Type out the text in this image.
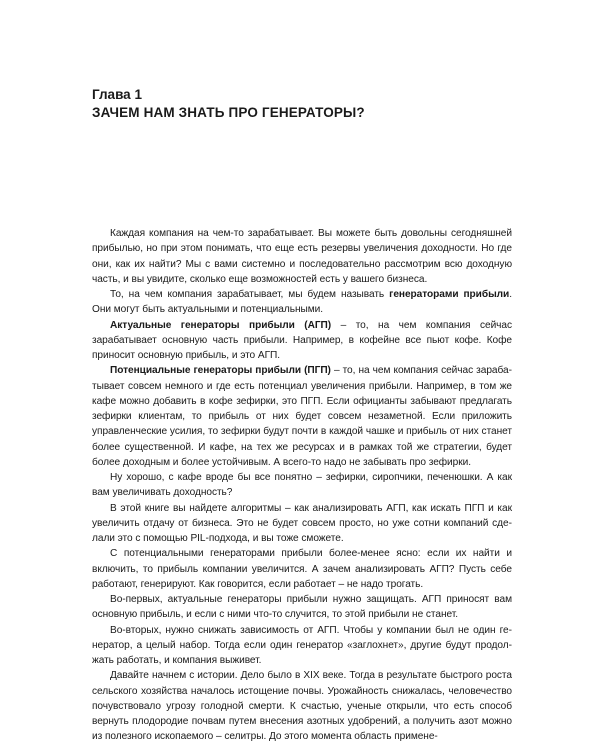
Глава 1

ЗАЧЕМ НАМ ЗНАТЬ ПРО ГЕНЕРАТОРЫ?

Каждая компания на чем-то зарабатывает. Вы можете быть довольны сегодняшней прибылью, но при этом понимать, что еще есть резервы увеличения доходности. Но где они, как их найти? Мы с вами системно и последовательно рассмотрим всю доходную часть, и вы увидите, сколько еще возможностей есть у вашего бизнеса.

То, на чем компания зарабатывает, мы будем называть генераторами прибыли. Они могут быть актуальными и потенциальными.

Актуальные генераторы прибыли (АГП) – то, на чем компания сейчас зарабатывает основную часть прибыли. Например, в кофейне все пьют кофе. Кофе приносит основную прибыль, и это АГП.

Потенциальные генераторы прибыли (ПГП) – то, на чем компания сейчас зарабатывает совсем немного и где есть потенциал увеличения прибыли. Например, в том же кафе можно добавить в кофе зефирки, это ПГП. Если официанты забывают предлагать зефирки клиентам, то прибыль от них будет совсем незаметной. Если приложить управленческие усилия, то зефирки будут почти в каждой чашке и прибыль от них станет более существенной. И кафе, на тех же ресурсах и в рамках той же стратегии, будет более доходным и более устойчивым. А всего-то надо не забывать про зефирки.

Ну хорошо, с кафе вроде бы все понятно – зефирки, сиропчики, печенюшки. А как вам увеличивать доходность?

В этой книге вы найдете алгоритмы – как анализировать АГП, как искать ПГП и как увеличить отдачу от бизнеса. Это не будет совсем просто, но уже сотни компаний сделали это с помощью PIL-подхода, и вы тоже сможете.

С потенциальными генераторами прибыли более-менее ясно: если их найти и включить, то прибыль компании увеличится. А зачем анализировать АГП? Пусть себе работают, генерируют. Как говорится, если работает – не надо трогать.

Во-первых, актуальные генераторы прибыли нужно защищать. АГП приносят вам основную прибыль, и если с ними что-то случится, то этой прибыли не станет.

Во-вторых, нужно снижать зависимость от АГП. Чтобы у компании был не один генератор, а целый набор. Тогда если один генератор «заглохнет», другие будут продолжать работать, и компания выживет.

Давайте начнем с истории. Дело было в XIX веке. Тогда в результате быстрого роста сельского хозяйства началось истощение почвы. Урожайность снижалась, человечество почувствовало угрозу голодной смерти. К счастью, ученые открыли, что есть способ вернуть плодородие почвам путем внесения азотных удобрений, а получить азот можно из полезного ископаемого – селитры. До этого момента область примене-
